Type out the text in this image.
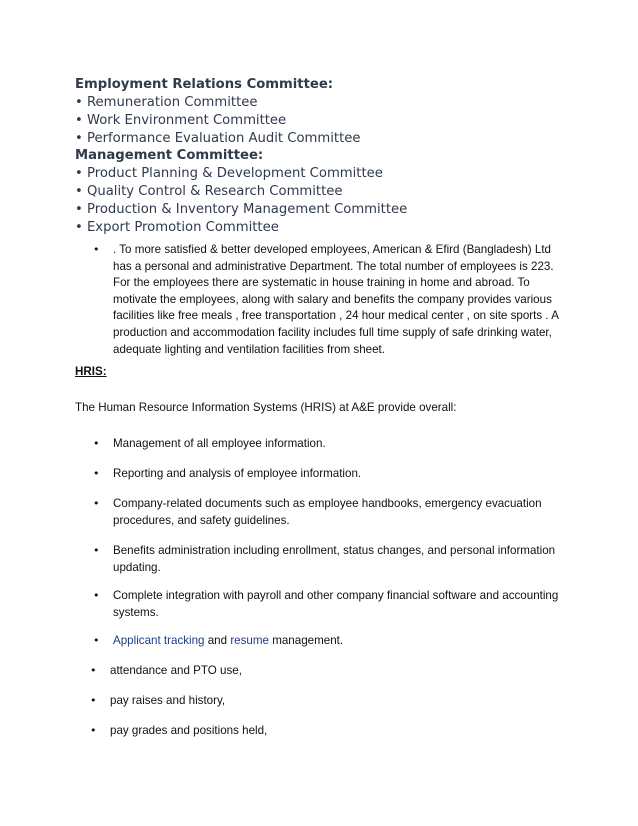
Employment Relations Committee:
• Remuneration Committee
• Work Environment Committee
• Performance Evaluation Audit Committee
Management Committee:
• Product Planning & Development Committee
• Quality Control & Research Committee
• Production & Inventory Management Committee
• Export Promotion Committee
• . To more satisfied & better developed employees, American & Efird (Bangladesh) Ltd
has a personal and administrative Department. The total number of employees is 223.
For the employees there are systematic in house training in home and abroad. To
motivate the employees, along with salary and benefits the company provides various
facilities like free meals , free transportation , 24 hour medical center , on site sports . A
production and accommodation facility includes full time supply of safe drinking water,
adequate lighting and ventilation facilities from sheet.
HRIS:
The Human Resource Information Systems (HRIS) at A&E provide overall:
• Management of all employee information.
• Reporting and analysis of employee information.
• Company-related documents such as employee handbooks, emergency evacuation
procedures, and safety guidelines.
• Benefits administration including enrollment, status changes, and personal information
updating.
• Complete integration with payroll and other company financial software and accounting
systems.
• Applicant tracking and resume management.
• attendance and PTO use,
• pay raises and history,
• pay grades and positions held,
